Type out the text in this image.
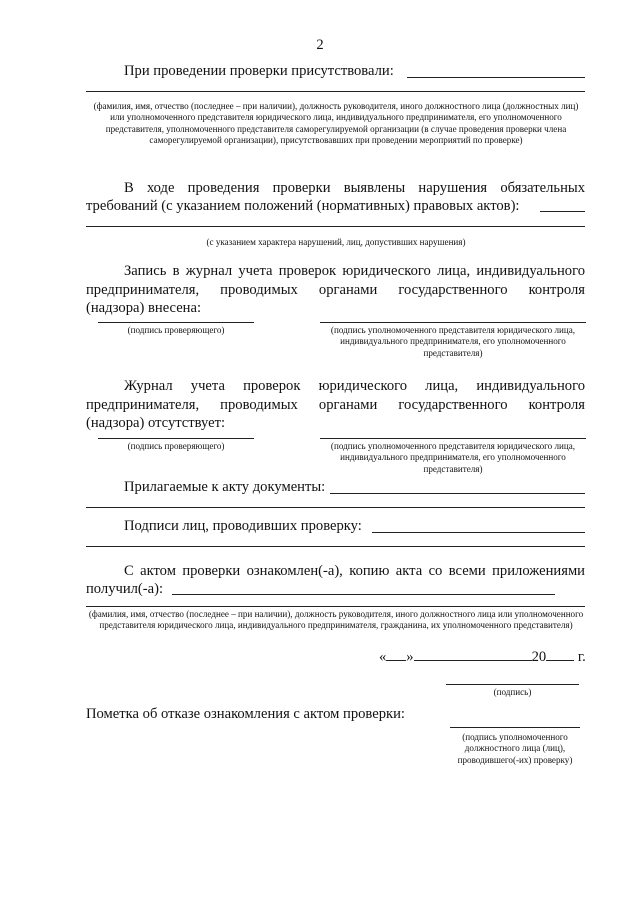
2
При проведении проверки присутствовали:
(фамилия, имя, отчество (последнее – при наличии), должность руководителя, иного должностного лица (должностных лиц) или уполномоченного представителя юридического лица, индивидуального предпринимателя, его уполномоченного представителя, уполномоченного представителя саморегулируемой организации (в случае проведения проверки члена саморегулируемой организации), присутствовавших при проведении мероприятий по проверке)
В ходе проведения проверки выявлены нарушения обязательных
требований (с указанием положений (нормативных) правовых актов):
(с указанием характера нарушений, лиц, допустивших нарушения)
Запись в журнал учета проверок юридического лица, индивидуального
предпринимателя, проводимых органами государственного контроля
(надзора) внесена:
(подпись проверяющего)	(подпись уполномоченного представителя юридического лица, индивидуального предпринимателя, его уполномоченного представителя)
Журнал учета проверок юридического лица, индивидуального
предпринимателя, проводимых органами государственного контроля
(надзора) отсутствует:
(подпись проверяющего)	(подпись уполномоченного представителя юридического лица, индивидуального предпринимателя, его уполномоченного представителя)
Прилагаемые к акту документы:
Подписи лиц, проводивших проверку:
С актом проверки ознакомлен(-а), копию акта со всеми приложениями
получил(-а):
(фамилия, имя, отчество (последнее – при наличии), должность руководителя, иного должностного лица или уполномоченного представителя юридического лица, индивидуального предпринимателя, гражданина, их уполномоченного представителя)
« »	20 г.
(подпись)
Пометка об отказе ознакомления с актом проверки:
(подпись уполномоченного должностного лица (лиц), проводившего(-их) проверку)
